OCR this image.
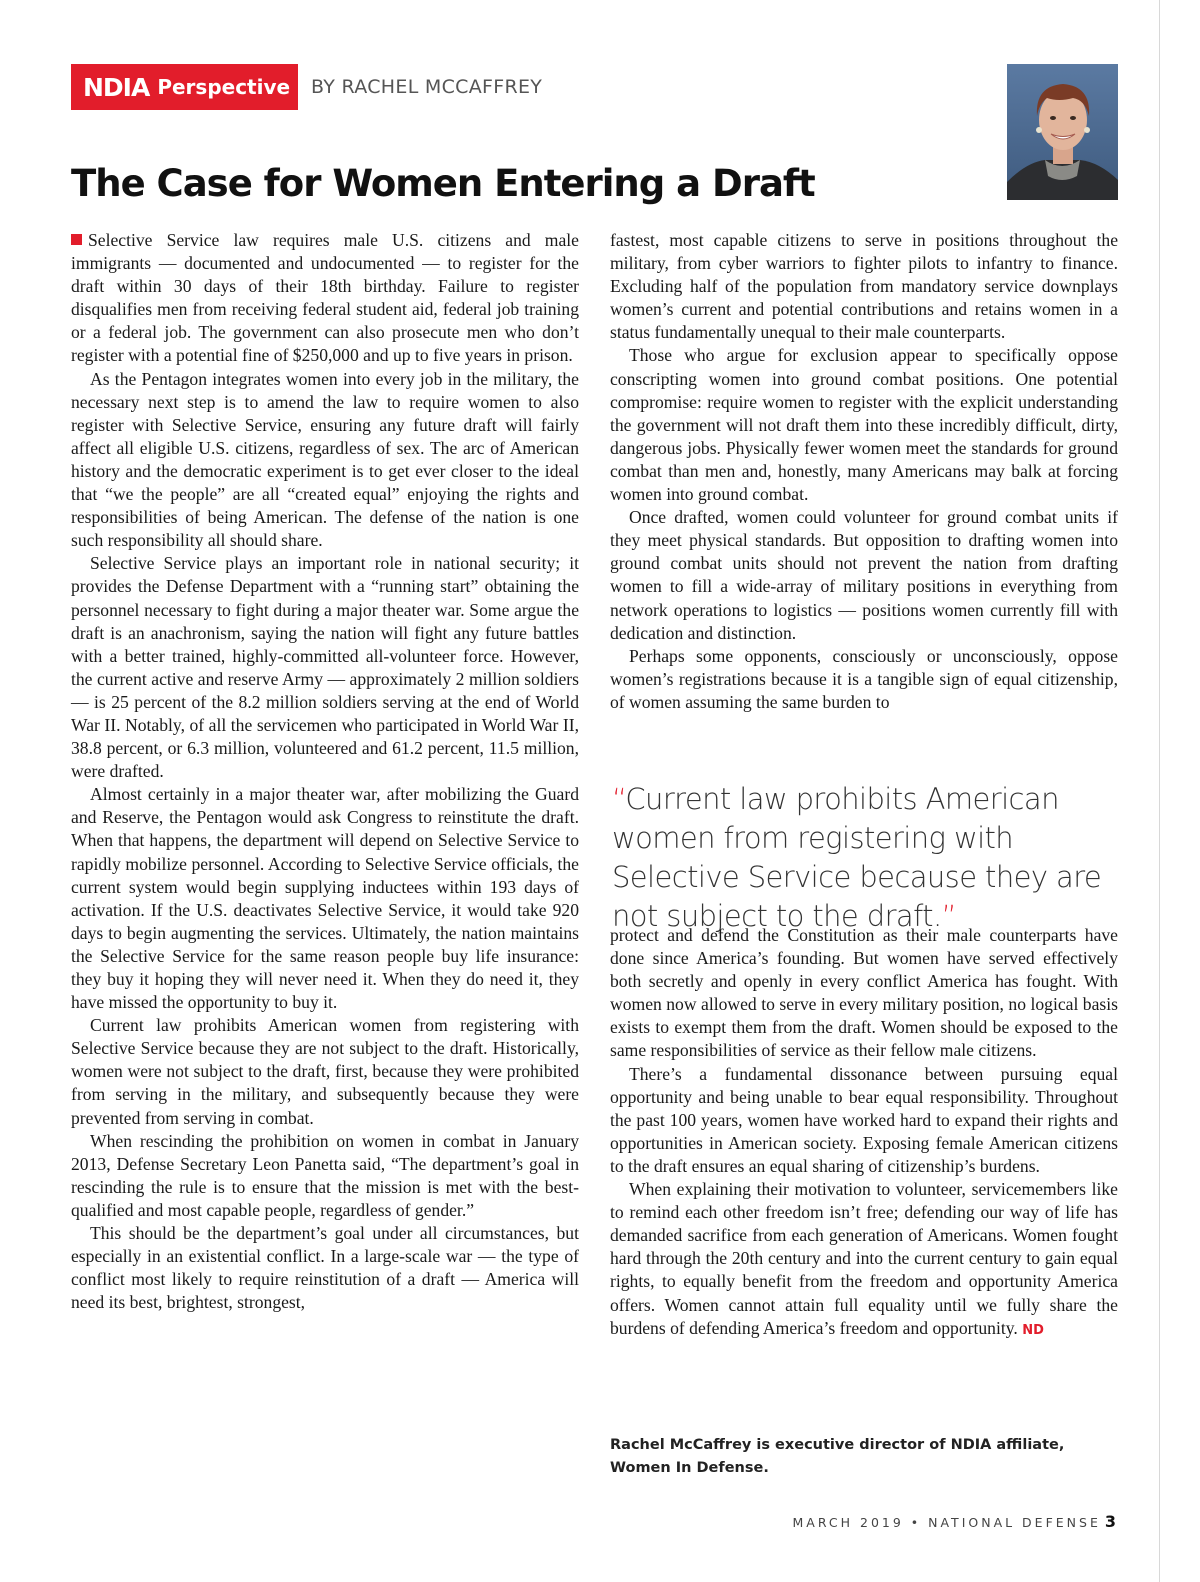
NDIA Perspective BY RACHEL MCCAFFREY
The Case for Women Entering a Draft

Selective Service law requires male U.S. citizens and male immigrants — documented and undocumented — to register for the draft within 30 days of their 18th birthday. Failure to register disqualifies men from receiving federal student aid, federal job training or a federal job. The government can also prosecute men who don’t register with a potential fine of $250,000 and up to five years in prison.

As the Pentagon integrates women into every job in the military, the necessary next step is to amend the law to require women to also register with Selective Service, ensuring any future draft will fairly affect all eligible U.S. citizens, regardless of sex. The arc of American history and the democratic experiment is to get ever closer to the ideal that “we the people” are all “created equal” enjoying the rights and responsibilities of being American. The defense of the nation is one such responsibility all should share.

Selective Service plays an important role in national security; it provides the Defense Department with a “running start” obtaining the personnel necessary to fight during a major theater war. Some argue the draft is an anachronism, saying the nation will fight any future battles with a better trained, highly-committed all-volunteer force. However, the current active and reserve Army — approximately 2 million soldiers — is 25 percent of the 8.2 million soldiers serving at the end of World War II. Notably, of all the servicemen who participated in World War II, 38.8 percent, or 6.3 million, volunteered and 61.2 percent, 11.5 million, were drafted.

Almost certainly in a major theater war, after mobilizing the Guard and Reserve, the Pentagon would ask Congress to reinstitute the draft. When that happens, the department will depend on Selective Service to rapidly mobilize personnel. According to Selective Service officials, the current system would begin supplying inductees within 193 days of activation. If the U.S. deactivates Selective Service, it would take 920 days to begin augmenting the services. Ultimately, the nation maintains the Selective Service for the same reason people buy life insurance: they buy it hoping they will never need it. When they do need it, they have missed the opportunity to buy it.

Current law prohibits American women from registering with Selective Service because they are not subject to the draft. Historically, women were not subject to the draft, first, because they were prohibited from serving in the military, and subsequently because they were prevented from serving in combat.

When rescinding the prohibition on women in combat in January 2013, Defense Secretary Leon Panetta said, “The department’s goal in rescinding the rule is to ensure that the mission is met with the best-qualified and most capable people, regardless of gender.”

This should be the department’s goal under all circumstances, but especially in an existential conflict. In a large-scale war — the type of conflict most likely to require reinstitution of a draft — America will need its best, brightest, strongest,

fastest, most capable citizens to serve in positions throughout the military, from cyber warriors to fighter pilots to infantry to finance. Excluding half of the population from mandatory service downplays women’s current and potential contributions and retains women in a status fundamentally unequal to their male counterparts.

Those who argue for exclusion appear to specifically oppose conscripting women into ground combat positions. One potential compromise: require women to register with the explicit understanding the government will not draft them into these incredibly difficult, dirty, dangerous jobs. Physically fewer women meet the standards for ground combat than men and, honestly, many Americans may balk at forcing women into ground combat.

Once drafted, women could volunteer for ground combat units if they meet physical standards. But opposition to drafting women into ground combat units should not prevent the nation from drafting women to fill a wide-array of military positions in everything from network operations to logistics — positions women currently fill with dedication and distinction.

Perhaps some opponents, consciously or unconsciously, oppose women’s registrations because it is a tangible sign of equal citizenship, of women assuming the same burden to

“Current law prohibits American women from registering with Selective Service because they are not subject to the draft.”

protect and defend the Constitution as their male counterparts have done since America’s founding. But women have served effectively both secretly and openly in every conflict America has fought. With women now allowed to serve in every military position, no logical basis exists to exempt them from the draft. Women should be exposed to the same responsibilities of service as their fellow male citizens.

There’s a fundamental dissonance between pursuing equal opportunity and being unable to bear equal responsibility. Throughout the past 100 years, women have worked hard to expand their rights and opportunities in American society. Exposing female American citizens to the draft ensures an equal sharing of citizenship’s burdens.

When explaining their motivation to volunteer, servicemembers like to remind each other freedom isn’t free; defending our way of life has demanded sacrifice from each generation of Americans. Women fought hard through the 20th century and into the current century to gain equal rights, to equally benefit from the freedom and opportunity America offers. Women cannot attain full equality until we fully share the burdens of defending America’s freedom and opportunity. ND

Rachel McCaffrey is executive director of NDIA affiliate, Women In Defense.
MARCH 2019 • NATIONAL DEFENSE 3
